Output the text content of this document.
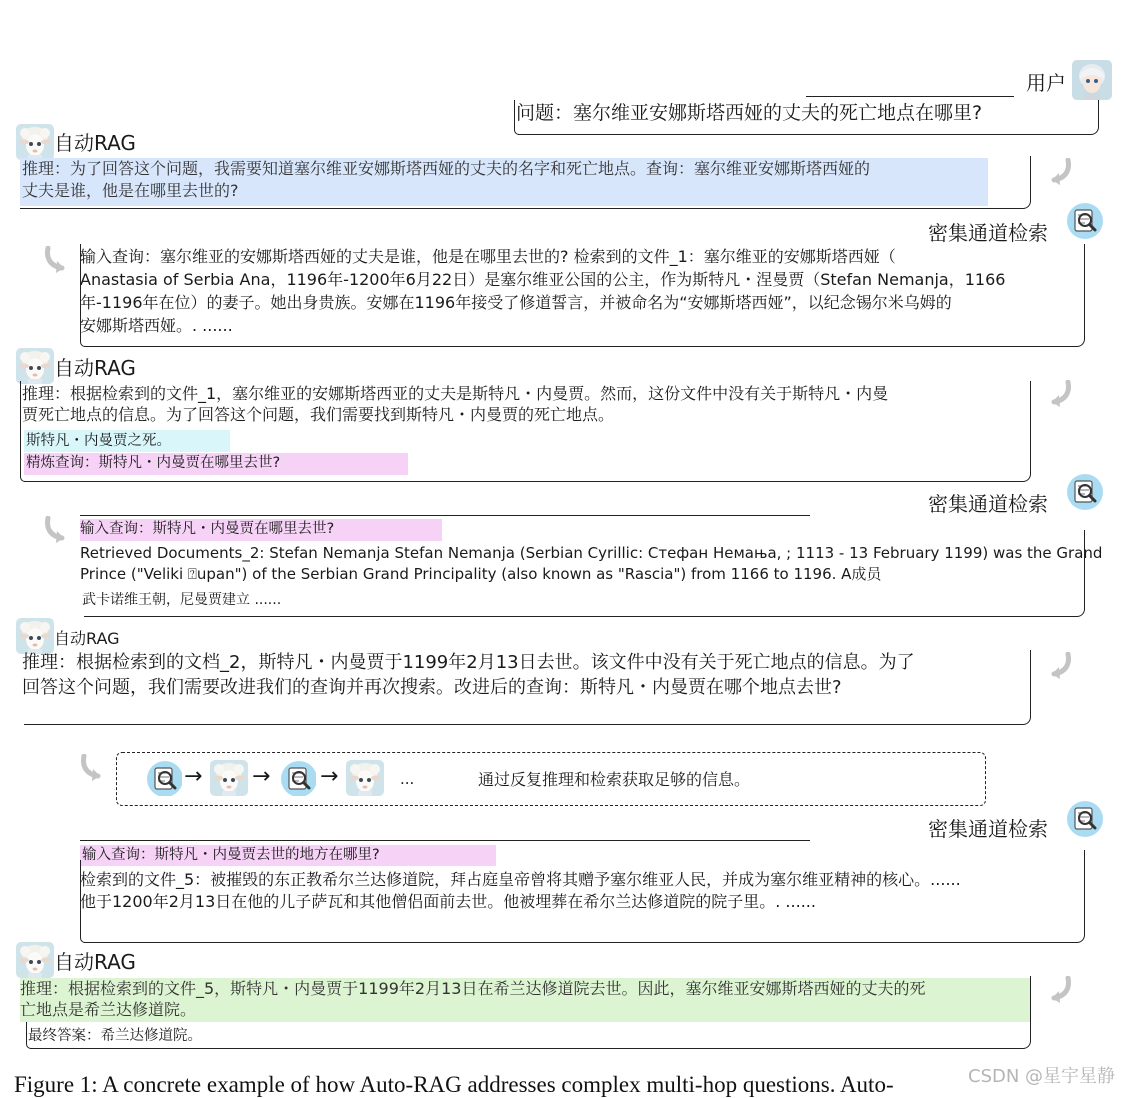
用户
问题：塞尔维亚安娜斯塔西娅的丈夫的死亡地点在哪里?
自动RAG
推理：为了回答这个问题，我需要知道塞尔维亚安娜斯塔西娅的丈夫的名字和死亡地点。查询：塞尔维亚安娜斯塔西娅的
丈夫是谁，他是在哪里去世的?
密集通道检索
输入查询：塞尔维亚的安娜斯塔西娅的丈夫是谁，他是在哪里去世的? 检索到的文件_1：塞尔维亚的安娜斯塔西娅（
Anastasia of Serbia Ana，1196年-1200年6月22日）是塞尔维亚公国的公主，作为斯特凡・涅曼贾（Stefan Nemanja，1166
年-1196年在位）的妻子。她出身贵族。安娜在1196年接受了修道誓言，并被命名为“安娜斯塔西娅”，以纪念锡尔米乌姆的
安娜斯塔西娅。. ......
自动RAG
推理：根据检索到的文件_1，塞尔维亚的安娜斯塔西亚的丈夫是斯特凡・内曼贾。然而，这份文件中没有关于斯特凡・内曼
贾死亡地点的信息。为了回答这个问题，我们需要找到斯特凡・内曼贾的死亡地点。
斯特凡・内曼贾之死。
精炼查询：斯特凡・内曼贾在哪里去世?
密集通道检索
输入查询：斯特凡・内曼贾在哪里去世?
Retrieved Documents_2: Stefan Nemanja Stefan Nemanja (Serbian Cyrillic: Стефан Немања, ; 1113 - 13 February 1199) was the Grand
Prince ("Veliki ⍰upan") of the Serbian Grand Principality (also known as "Rascia") from 1166 to 1196. A成员
武卡诺维王朝，尼曼贾建立 ......
自动RAG
推理：根据检索到的文档_2，斯特凡・内曼贾于1199年2月13日去世。该文件中没有关于死亡地点的信息。为了
回答这个问题，我们需要改进我们的查询并再次搜索。改进后的查询：斯特凡・内曼贾在哪个地点去世?
→ → →	...	通过反复推理和检索获取足够的信息。
密集通道检索
输入查询：斯特凡・内曼贾去世的地方在哪里?
检索到的文件_5：被摧毁的东正教希尔兰达修道院，拜占庭皇帝曾将其赠予塞尔维亚人民，并成为塞尔维亚精神的核心。......
他于1200年2月13日在他的儿子萨瓦和其他僧侣面前去世。他被埋葬在希尔兰达修道院的院子里。. ......
自动RAG
推理：根据检索到的文件_5，斯特凡・内曼贾于1199年2月13日在希兰达修道院去世。因此，塞尔维亚安娜斯塔西娅的丈夫的死
亡地点是希兰达修道院。
最终答案：希兰达修道院。
Figure 1: A concrete example of how Auto-RAG addresses complex multi-hop questions. Auto-	CSDN @星宇星静
